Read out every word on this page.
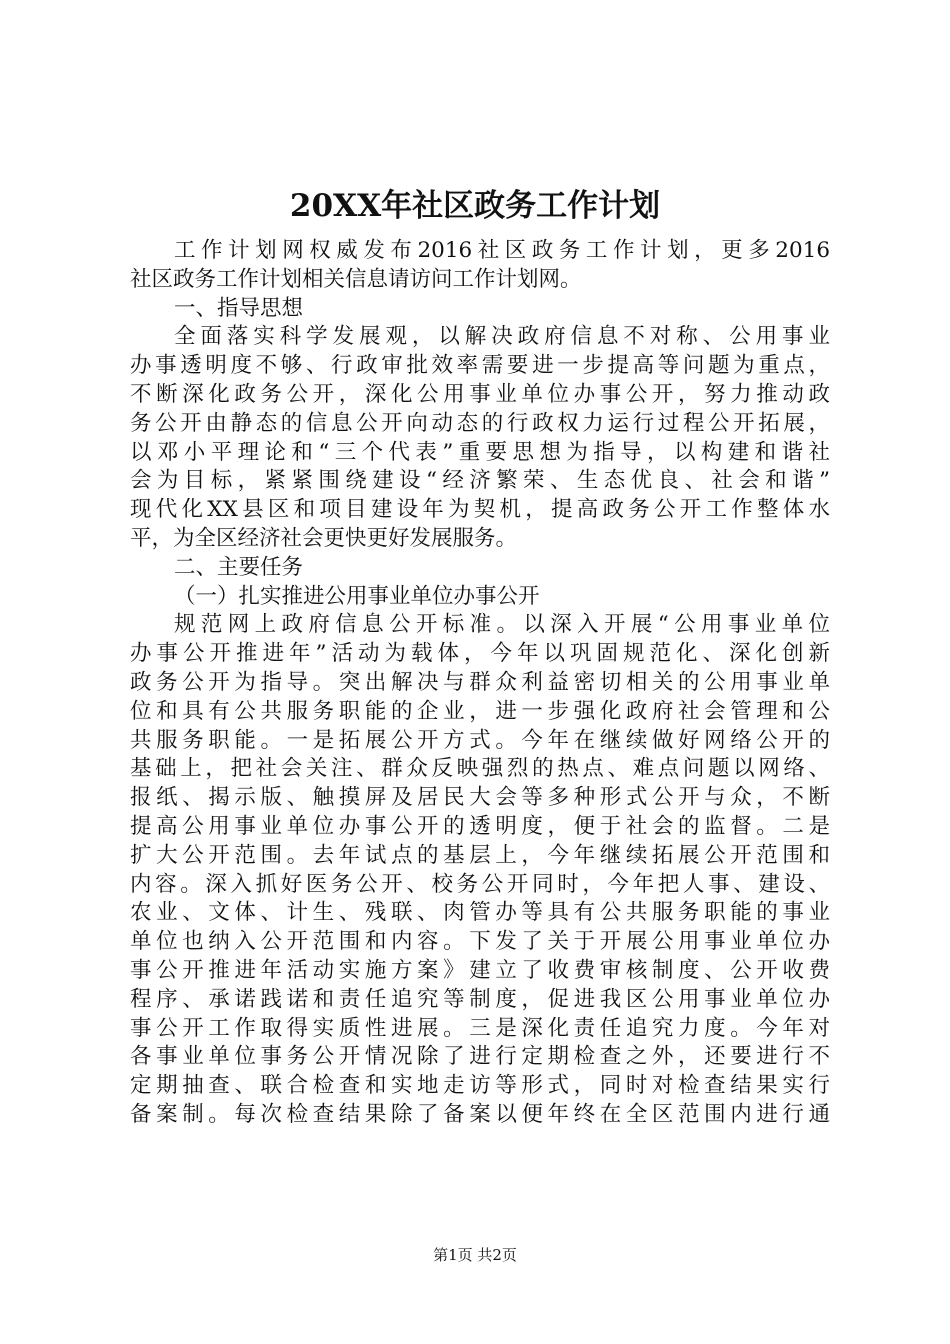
20XX年社区政务工作计划
工作计划网权威发布2016社区政务工作计划，更多2016
社区政务工作计划相关信息请访问工作计划网。
一、指导思想
全面落实科学发展观，以解决政府信息不对称、公用事业
办事透明度不够、行政审批效率需要进一步提高等问题为重点，
不断深化政务公开，深化公用事业单位办事公开，努力推动政
务公开由静态的信息公开向动态的行政权力运行过程公开拓展，
以邓小平理论和“三个代表”重要思想为指导，以构建和谐社
会为目标，紧紧围绕建设“经济繁荣、生态优良、社会和谐”
现代化XX县区和项目建设年为契机，提高政务公开工作整体水
平，为全区经济社会更快更好发展服务。
二、主要任务
（一）扎实推进公用事业单位办事公开
规范网上政府信息公开标准。以深入开展“公用事业单位
办事公开推进年”活动为载体，今年以巩固规范化、深化创新
政务公开为指导。突出解决与群众利益密切相关的公用事业单
位和具有公共服务职能的企业，进一步强化政府社会管理和公
共服务职能。一是拓展公开方式。今年在继续做好网络公开的
基础上，把社会关注、群众反映强烈的热点、难点问题以网络、
报纸、揭示版、触摸屏及居民大会等多种形式公开与众，不断
提高公用事业单位办事公开的透明度，便于社会的监督。二是
扩大公开范围。去年试点的基层上，今年继续拓展公开范围和
内容。深入抓好医务公开、校务公开同时，今年把人事、建设、
农业、文体、计生、残联、肉管办等具有公共服务职能的事业
单位也纳入公开范围和内容。下发了关于开展公用事业单位办
事公开推进年活动实施方案》建立了收费审核制度、公开收费
程序、承诺践诺和责任追究等制度，促进我区公用事业单位办
事公开工作取得实质性进展。三是深化责任追究力度。今年对
各事业单位事务公开情况除了进行定期检查之外，还要进行不
定期抽查、联合检查和实地走访等形式，同时对检查结果实行
备案制。每次检查结果除了备案以便年终在全区范围内进行通
第1页 共2页
